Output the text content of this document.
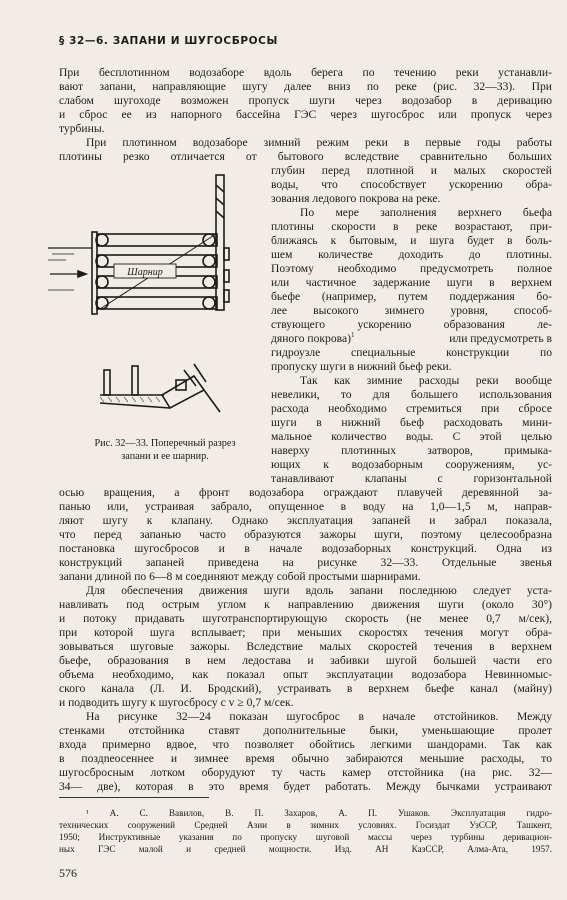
§ 32—6. ЗАПАНИ И ШУГОСБРОСЫ

При бесплотинном водозаборе вдоль берега по течению реки устанавли-

вают запани, направляющие шугу далее вниз по реке (рис. 32—33). При

слабом шугоходе возможен пропуск шуги через водозабор в деривацию

и сброс ее из напорного бассейна ГЭС через шугосброс или пропуск через

турбины.

При плотинном водозаборе зимний режим реки в первые годы работы

плотины резко отличается от бытового вследствие сравнительно больших

глубин перед плотиной и малых скоростей

воды, что способствует ускорению обра-

зования ледового покрова на реке.

По мере заполнения верхнего бьефа

плотины скорости в реке возрастают, при-

ближаясь к бытовым, и шуга будет в боль-

шем количестве доходить до плотины.

Поэтому необходимо предусмотреть полное

или частичное задержание шуги в верхнем

бьефе (например, путем поддержания бо-

лее высокого зимнего уровня, способ-

ствующего ускорению образования ле-

дяного покрова)$^1$	или предусмотреть в

гидроузле специальные конструкции по

пропуску шуги в нижний бьеф реки.

Так как зимние расходы реки вообще

невелики, то для большего использования

расхода необходимо стремиться при сбросе

шуги в нижний бьеф расходовать мини-

мальное количество воды. С этой целью

наверху плотинных затворов, примыка-

ющих к водозаборным сооружениям, ус-

танавливают клапаны с горизонтальной

Шарнир
Рис. 32—33. Поперечный разрез
запани и ее шарнир.

осью вращения, а фронт водозабора ограждают плавучей деревянной за-

панью или, устраивая забрало, опущенное в воду на 1,0—1,5 м, направ-

ляют шугу к клапану. Однако эксплуатация запаней и забрал показала,

что перед запанью часто образуются зажоры шуги, поэтому целесообразна

постановка шугосбросов и в начале водозаборных конструкций. Одна из

конструкций запаней приведена на рисунке 32—33. Отдельные звенья

запани длиной по 6—8 м соединяют между собой простыми шарнирами.

Для обеспечения движения шуги вдоль запани последнюю следует уста-

навливать под острым углом к направлению движения шуги (около 30°)

и потоку придавать шуготранспортирующую скорость (не менее 0,7 м/сек),

при которой шуга всплывает; при меньших скоростях течения могут обра-

зовываться шуговые зажоры. Вследствие малых скоростей течения в верхнем

бьефе, образования в нем ледостава и забивки шугой большей части его

объема необходимо, как показал опыт эксплуатации водозабора Невинномыс-

ского канала (Л. И. Бродский), устраивать в верхнем бьефе канал (майну)

и подводить шугу к шугосбросу с v ≥ 0,7 м/сек.

На рисунке 32—24 показан шугосброс в начале отстойников. Между

стенками отстойника ставят дополнительные быки, уменьшающие пролет

входа примерно вдвое, что позволяет обойтись легкими шандорами. Так как

в поздneосеннее и зимнее время обычно забираются меньшие расходы, то

шугосбросным лотком оборудуют ту часть камер отстойника (на рис. 32—

34— две), которая в это время будет работать. Между бычками устраивают

¹ А. С. Вавилов, В. П. Захаров, А. П. Ушаков. Эксплуатация гидро-

технических сооружений Средней Азии в зимних условиях. Госиздат УзССР, Ташкент,

1950; Инструктивные указания по пропуску шуговой массы через турбины деривацион-

ных ГЭС малой и средней мощности. Изд. АН КазССР, Алма-Ата, 1957.

576
